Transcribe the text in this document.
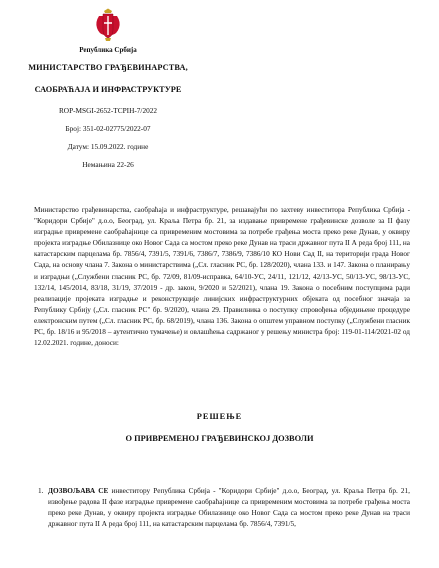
Република Србија
МИНИСТАРСТВО ГРАЂЕВИНАРСТВА,
САОБРАЋАЈА И ИНФРАСТРУКТУРЕ
ROP-MSGI-2652-TCPIH-7/2022
Број: 351-02-02775/2022-07
Датум: 15.09.2022. године
Немањина 22-26
Министарство грађевинарства, саобраћаја и инфраструктуре, решавајући по захтеву инвеститора Република Србија - "Коридори Србије" д.о.о, Београд, ул. Краља Петра бр. 21, за издавање привремене грађевинске дозволе за II фазу изградње привремене саобраћајнице са привременим мостовима за потребе грађења моста преко реке Дунав, у оквиру пројекта изградње Обилазнице око Новог Сада са мостом преко реке Дунав на траси државног пута II А реда број 111, на катастарским парцелама бр. 7856/4, 7391/5, 7391/6, 7386/7, 7386/9, 7386/10 КО Нови Сад II, на територији града Новог Сада, на основу члана 7. Закона о министарствима („Сл. гласник РС, бр. 128/2020), члана 133. и 147. Закона о планирању и изградњи („Службени гласник РС, бр. 72/09, 81/09-исправка, 64/10-УС, 24/11, 121/12, 42/13-УС, 50/13-УС, 98/13-УС, 132/14, 145/2014, 83/18, 31/19, 37/2019 - др. закон, 9/2020 и 52/2021), члана 19. Закона о посебним поступцима ради реализације пројеката изградње и реконструкције линијских инфраструктурних објеката од посебног значаја за Републику Србију („Сл. гласник РС" бр. 9/2020), члана 29. Правилника о поступку спровођења обједињене процедуре електронским путем („Сл. гласник РС, бр. 68/2019), члана 136. Закона о општем управном поступку („Службени гласник РС, бр. 18/16 и 95/2018 – аутентично тумачење) и овлашћења садржаног у решењу министра број: 119-01-114/2021-02 од 12.02.2021. године, доноси:
РЕШЕЊЕ
О ПРИВРЕМЕНОЈ ГРАЂЕВИНСКОЈ ДОЗВОЛИ
1. ДОЗВОЉАВА СЕ инвеститору Република Србија - "Коридори Србије" д.о.о, Београд, ул. Краља Петра бр. 21, извођење радова II фазе изградње привремене саобраћајнице са привременим мостовима за потребе грађења моста преко реке Дунав, у оквиру пројекта изградње Обилазнице око Новог Сада са мостом преко реке Дунав на траси државног пута II А реда број 111, на катастарским парцелама бр. 7856/4, 7391/5,
